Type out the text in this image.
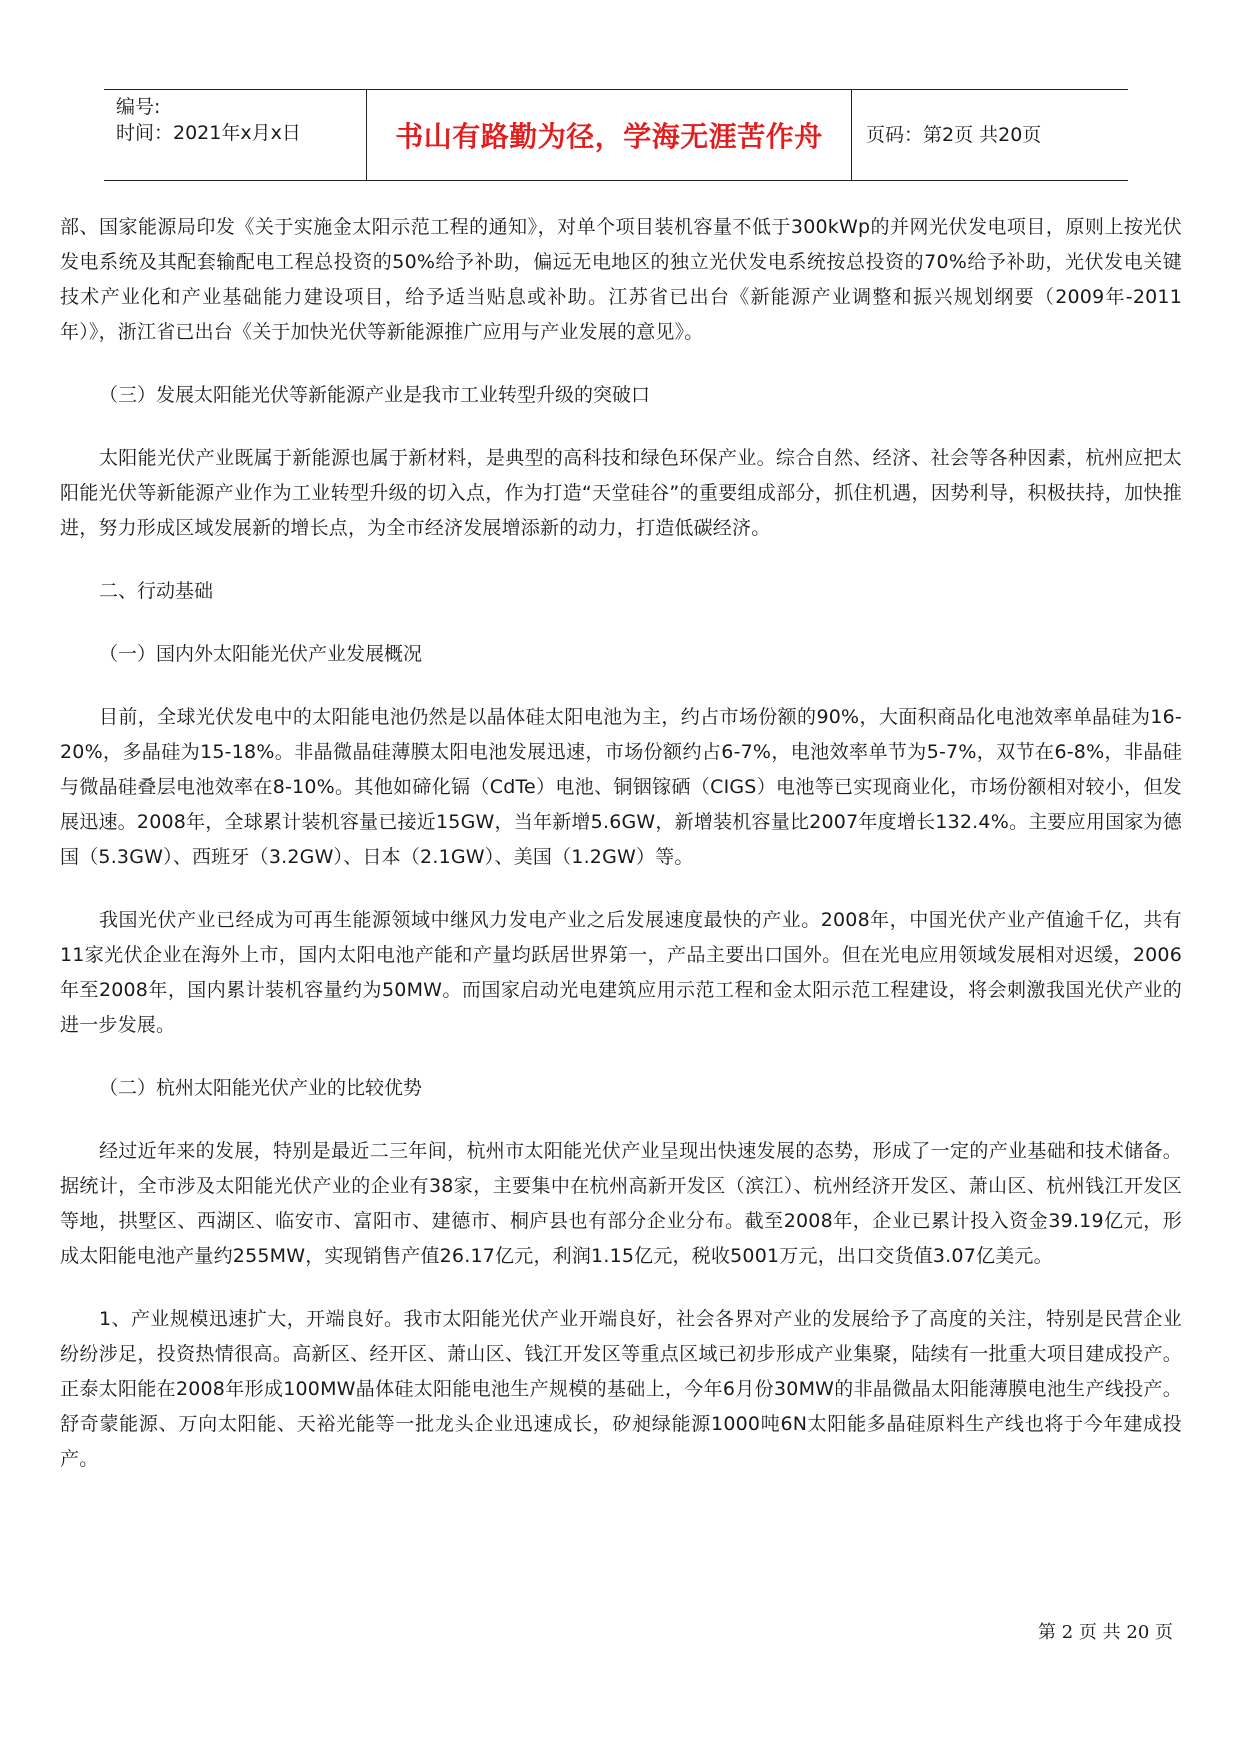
编号:
时间：2021年x月x日	书山有路勤为径，学海无涯苦作舟 页码：第2页 共20页

部、国家能源局印发《关于实施金太阳示范工程的通知》，对单个项目装机容量不低于300kWp的并网光伏发电项目，原则上按光伏发电系统及其配套输配电工程总投资的50%给予补助，偏远无电地区的独立光伏发电系统按总投资的70%给予补助，光伏发电关键技术产业化和产业基础能力建设项目，给予适当贴息或补助。江苏省已出台《新能源产业调整和振兴规划纲要（2009年-2011年）》，浙江省已出台《关于加快光伏等新能源推广应用与产业发展的意见》。

（三）发展太阳能光伏等新能源产业是我市工业转型升级的突破口

太阳能光伏产业既属于新能源也属于新材料，是典型的高科技和绿色环保产业。综合自然、经济、社会等各种因素，杭州应把太阳能光伏等新能源产业作为工业转型升级的切入点，作为打造“天堂硅谷”的重要组成部分，抓住机遇，因势利导，积极扶持，加快推进，努力形成区域发展新的增长点，为全市经济发展增添新的动力，打造低碳经济。

二、行动基础

（一）国内外太阳能光伏产业发展概况

目前，全球光伏发电中的太阳能电池仍然是以晶体硅太阳电池为主，约占市场份额的90%，大面积商品化电池效率单晶硅为16-20%，多晶硅为15-18%。非晶微晶硅薄膜太阳电池发展迅速，市场份额约占6-7%，电池效率单节为5-7%，双节在6-8%，非晶硅与微晶硅叠层电池效率在8-10%。其他如碲化镉（CdTe）电池、铜铟镓硒（CIGS）电池等已实现商业化，市场份额相对较小，但发展迅速。2008年，全球累计装机容量已接近15GW，当年新增5.6GW，新增装机容量比2007年度增长132.4%。主要应用国家为德国（5.3GW）、西班牙（3.2GW）、日本（2.1GW）、美国（1.2GW）等。

我国光伏产业已经成为可再生能源领域中继风力发电产业之后发展速度最快的产业。2008年，中国光伏产业产值逾千亿，共有11家光伏企业在海外上市，国内太阳电池产能和产量均跃居世界第一，产品主要出口国外。但在光电应用领域发展相对迟缓，2006年至2008年，国内累计装机容量约为50MW。而国家启动光电建筑应用示范工程和金太阳示范工程建设，将会刺激我国光伏产业的进一步发展。

（二）杭州太阳能光伏产业的比较优势

经过近年来的发展，特别是最近二三年间，杭州市太阳能光伏产业呈现出快速发展的态势，形成了一定的产业基础和技术储备。据统计，全市涉及太阳能光伏产业的企业有38家，主要集中在杭州高新开发区（滨江）、杭州经济开发区、萧山区、杭州钱江开发区等地，拱墅区、西湖区、临安市、富阳市、建德市、桐庐县也有部分企业分布。截至2008年，企业已累计投入资金39.19亿元，形成太阳能电池产量约255MW，实现销售产值26.17亿元，利润1.15亿元，税收5001万元，出口交货值3.07亿美元。

1、产业规模迅速扩大，开端良好。我市太阳能光伏产业开端良好，社会各界对产业的发展给予了高度的关注，特别是民营企业纷纷涉足，投资热情很高。高新区、经开区、萧山区、钱江开发区等重点区域已初步形成产业集聚，陆续有一批重大项目建成投产。正泰太阳能在2008年形成100MW晶体硅太阳能电池生产规模的基础上，今年6月份30MW的非晶微晶太阳能薄膜电池生产线投产。舒奇蒙能源、万向太阳能、天裕光能等一批龙头企业迅速成长，矽昶绿能源1000吨6N太阳能多晶硅原料生产线也将于今年建成投产。

第 2 页 共 20 页
